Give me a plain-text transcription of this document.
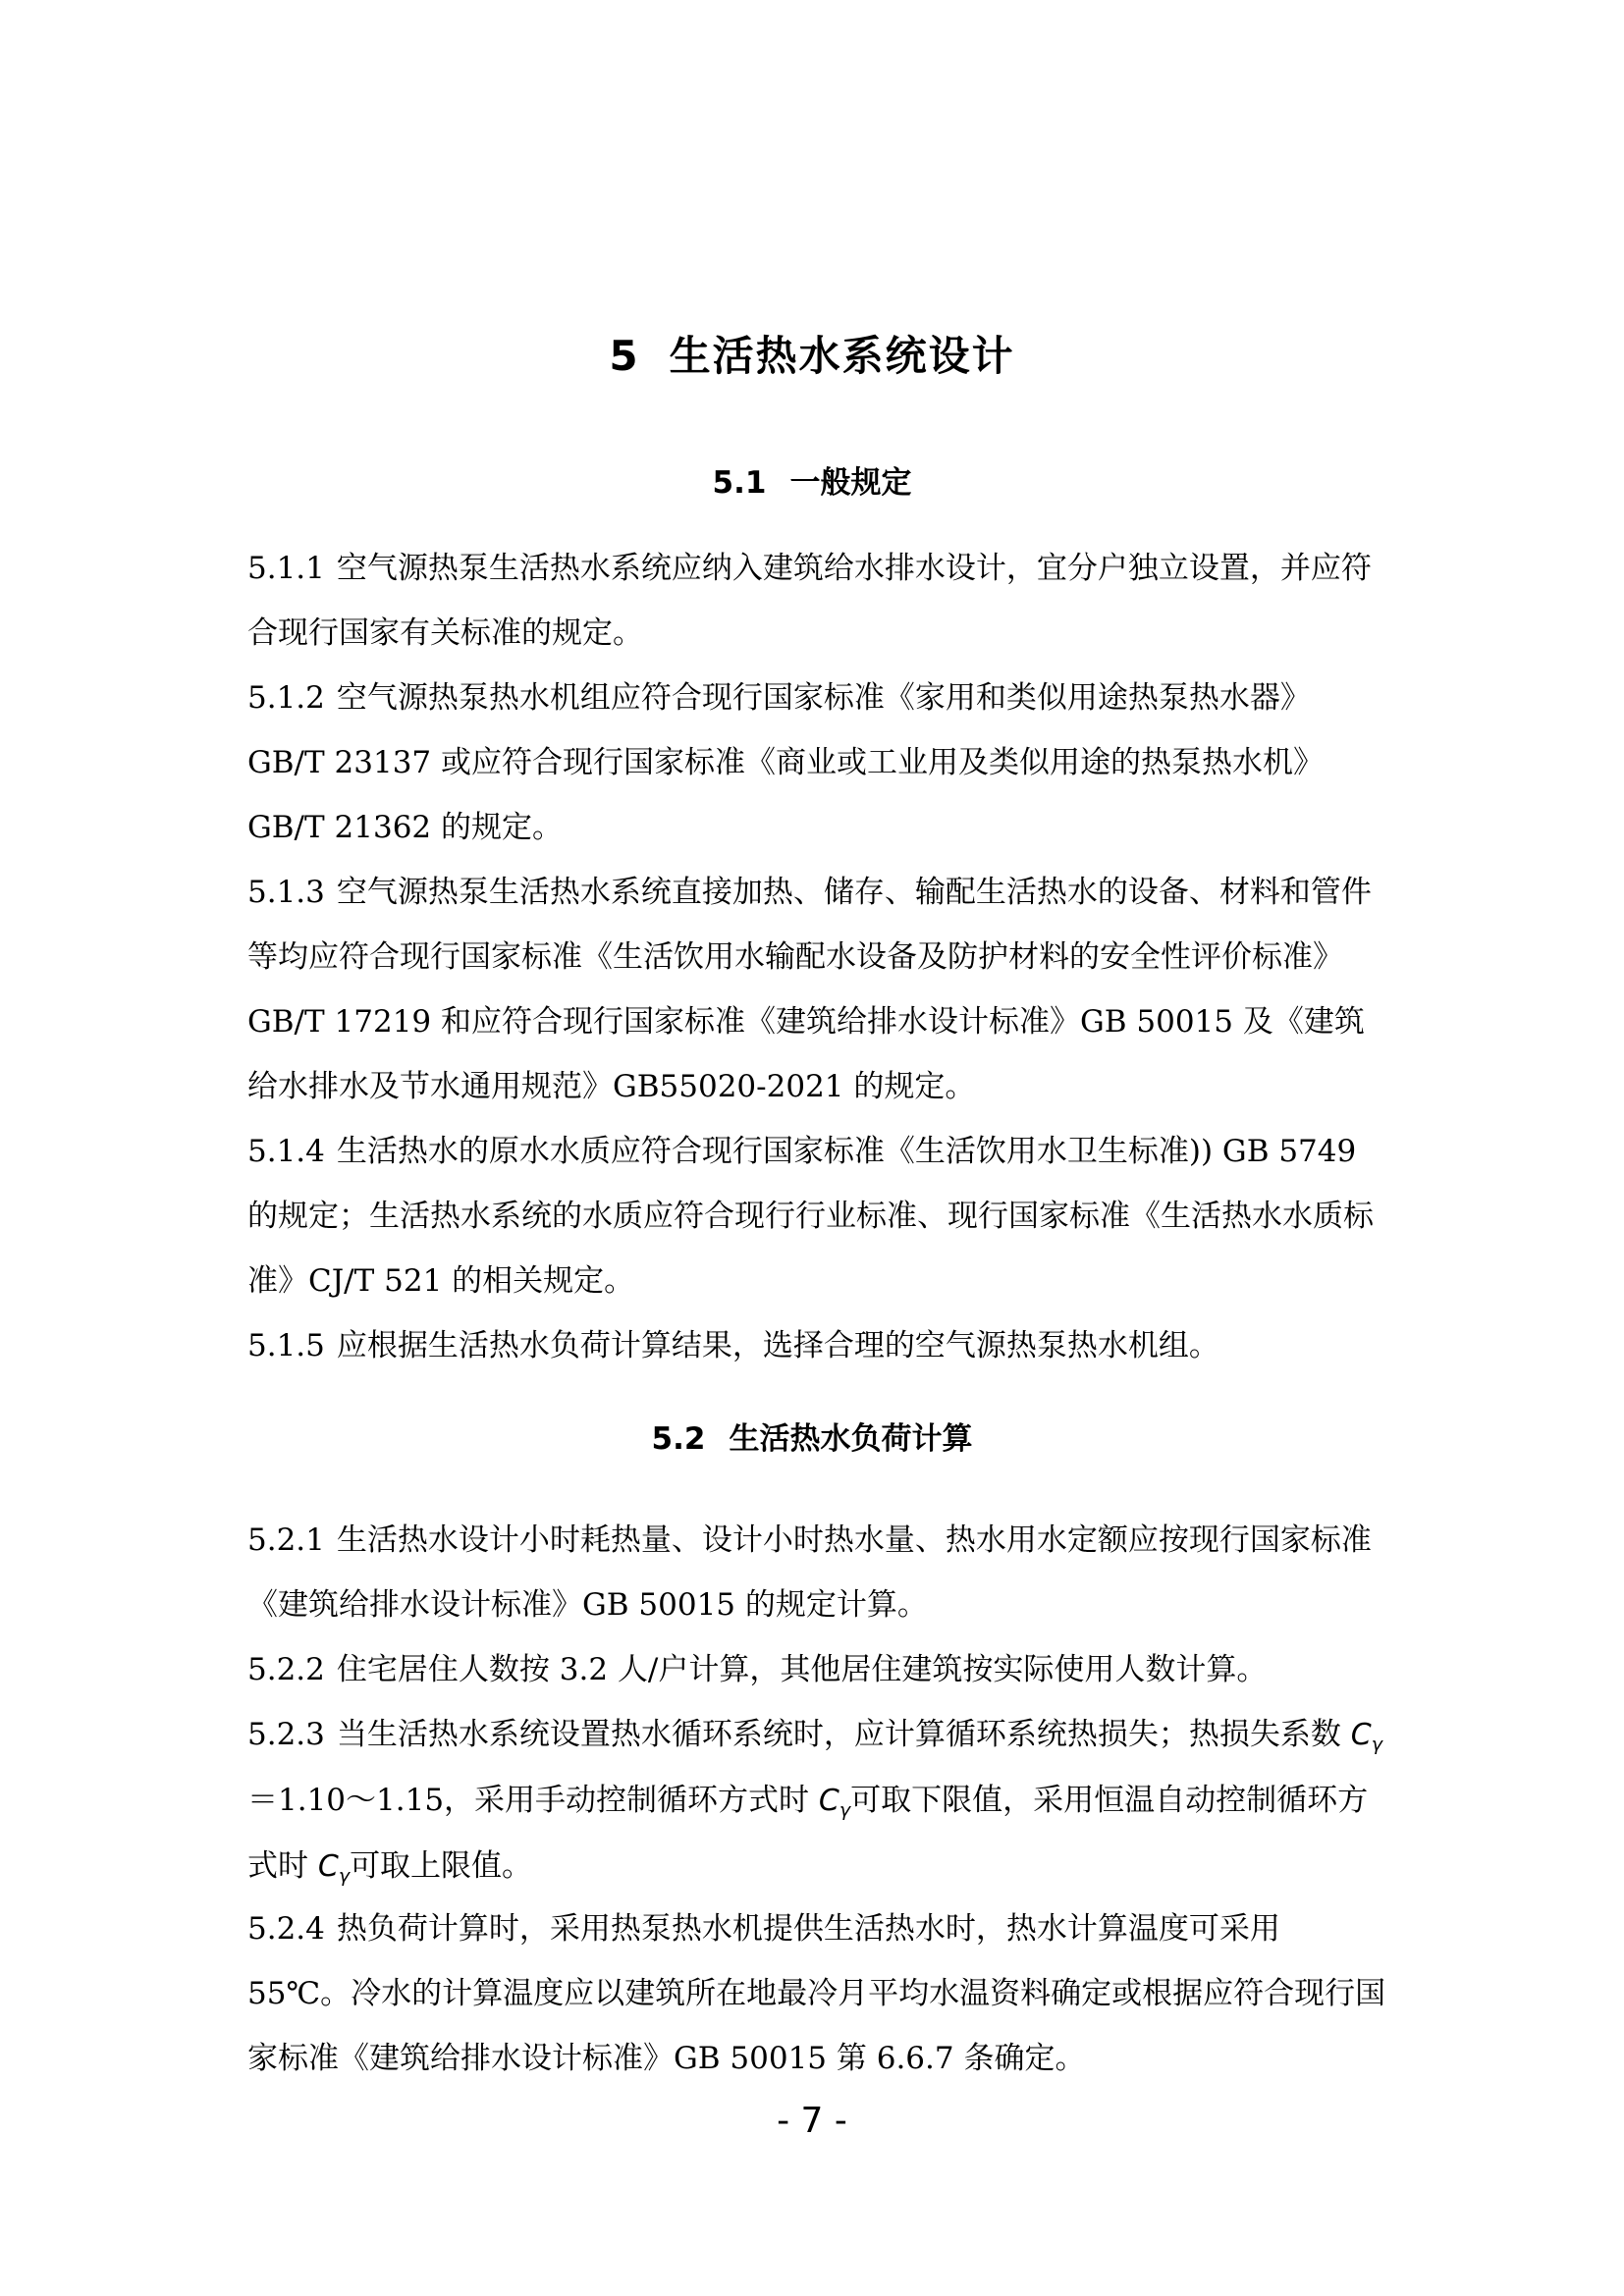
5 生活热水系统设计
5.1 一般规定

5.1.1 空气源热泵生活热水系统应纳入建筑给水排水设计，宜分户独立设置，并应符合现行国家有关标准的规定。

5.1.2 空气源热泵热水机组应符合现行国家标准《家用和类似用途热泵热水器》GB/T 23137 或应符合现行国家标准《商业或工业用及类似用途的热泵热水机》GB/T 21362 的规定。

5.1.3 空气源热泵生活热水系统直接加热、储存、输配生活热水的设备、材料和管件等均应符合现行国家标准《生活饮用水输配水设备及防护材料的安全性评价标准》GB/T 17219 和应符合现行国家标准《建筑给排水设计标准》GB 50015 及《建筑给水排水及节水通用规范》GB55020-2021 的规定。

5.1.4 生活热水的原水水质应符合现行国家标准《生活饮用水卫生标准)) GB 5749 的规定；生活热水系统的水质应符合现行行业标准、现行国家标准《生活热水水质标准》CJ/T 521 的相关规定。

5.1.5 应根据生活热水负荷计算结果，选择合理的空气源热泵热水机组。

5.2 生活热水负荷计算

5.2.1 生活热水设计小时耗热量、设计小时热水量、热水用水定额应按现行国家标准《建筑给排水设计标准》GB 50015 的规定计算。

5.2.2 住宅居住人数按 3.2 人/户计算，其他居住建筑按实际使用人数计算。

5.2.3 当生活热水系统设置热水循环系统时，应计算循环系统热损失；热损失系数 $C_\gamma=1.10\sim 1.15$，采用手动控制循环方式时 $C_\gamma$可取下限值，采用恒温自动控制循环方式时 $C_\gamma$可取上限值。

5.2.4 热负荷计算时，采用热泵热水机提供生活热水时，热水计算温度可采用 55℃。冷水的计算温度应以建筑所在地最冷月平均水温资料确定或根据应符合现行国家标准《建筑给排水设计标准》GB 50015 第 6.6.7 条确定。

- 7 -
